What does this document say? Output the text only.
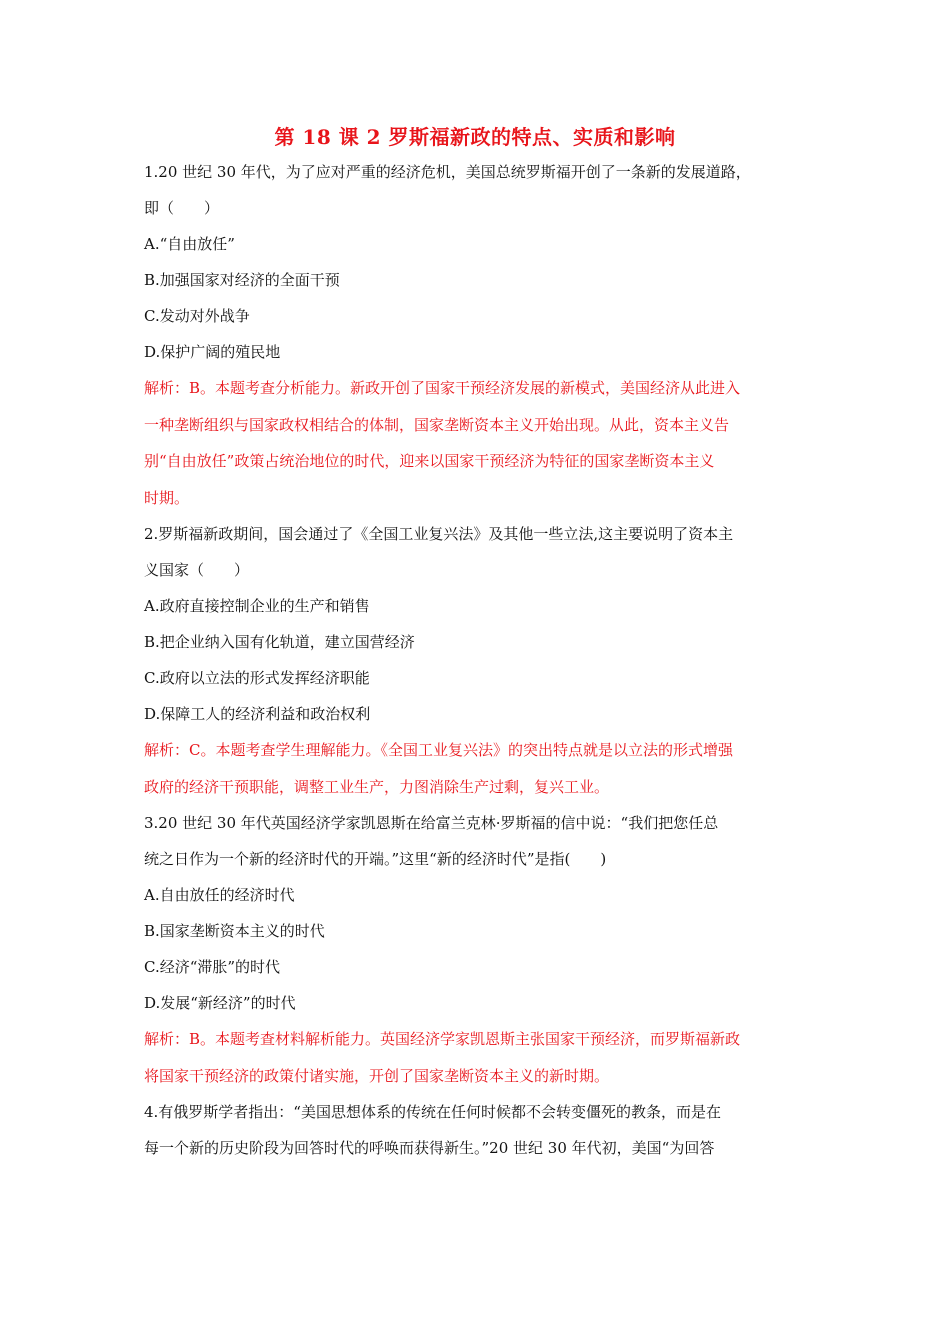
第 18 课 2 罗斯福新政的特点、实质和影响
1.20 世纪 30 年代，为了应对严重的经济危机，美国总统罗斯福开创了一条新的发展道路，
即（　　）
A.“自由放任”
B.加强国家对经济的全面干预
C.发动对外战争
D.保护广阔的殖民地
解析：B。本题考查分析能力。新政开创了国家干预经济发展的新模式，美国经济从此进入
一种垄断组织与国家政权相结合的体制，国家垄断资本主义开始出现。从此，资本主义告
别“自由放任”政策占统治地位的时代，迎来以国家干预经济为特征的国家垄断资本主义
时期。
2.罗斯福新政期间，国会通过了《全国工业复兴法》及其他一些立法,这主要说明了资本主
义国家（　　）
A.政府直接控制企业的生产和销售
B.把企业纳入国有化轨道，建立国营经济
C.政府以立法的形式发挥经济职能
D.保障工人的经济利益和政治权利
解析：C。本题考查学生理解能力。《全国工业复兴法》的突出特点就是以立法的形式增强
政府的经济干预职能，调整工业生产，力图消除生产过剩，复兴工业。
3.20 世纪 30 年代英国经济学家凯恩斯在给富兰克林·罗斯福的信中说：“我们把您任总
统之日作为一个新的经济时代的开端。”这里“新的经济时代”是指(　　)
A.自由放任的经济时代
B.国家垄断资本主义的时代
C.经济“滞胀”的时代
D.发展“新经济”的时代
解析：B。本题考查材料解析能力。英国经济学家凯恩斯主张国家干预经济，而罗斯福新政
将国家干预经济的政策付诸实施，开创了国家垄断资本主义的新时期。
4.有俄罗斯学者指出：“美国思想体系的传统在任何时候都不会转变僵死的教条，而是在
每一个新的历史阶段为回答时代的呼唤而获得新生。”20 世纪 30 年代初，美国“为回答
